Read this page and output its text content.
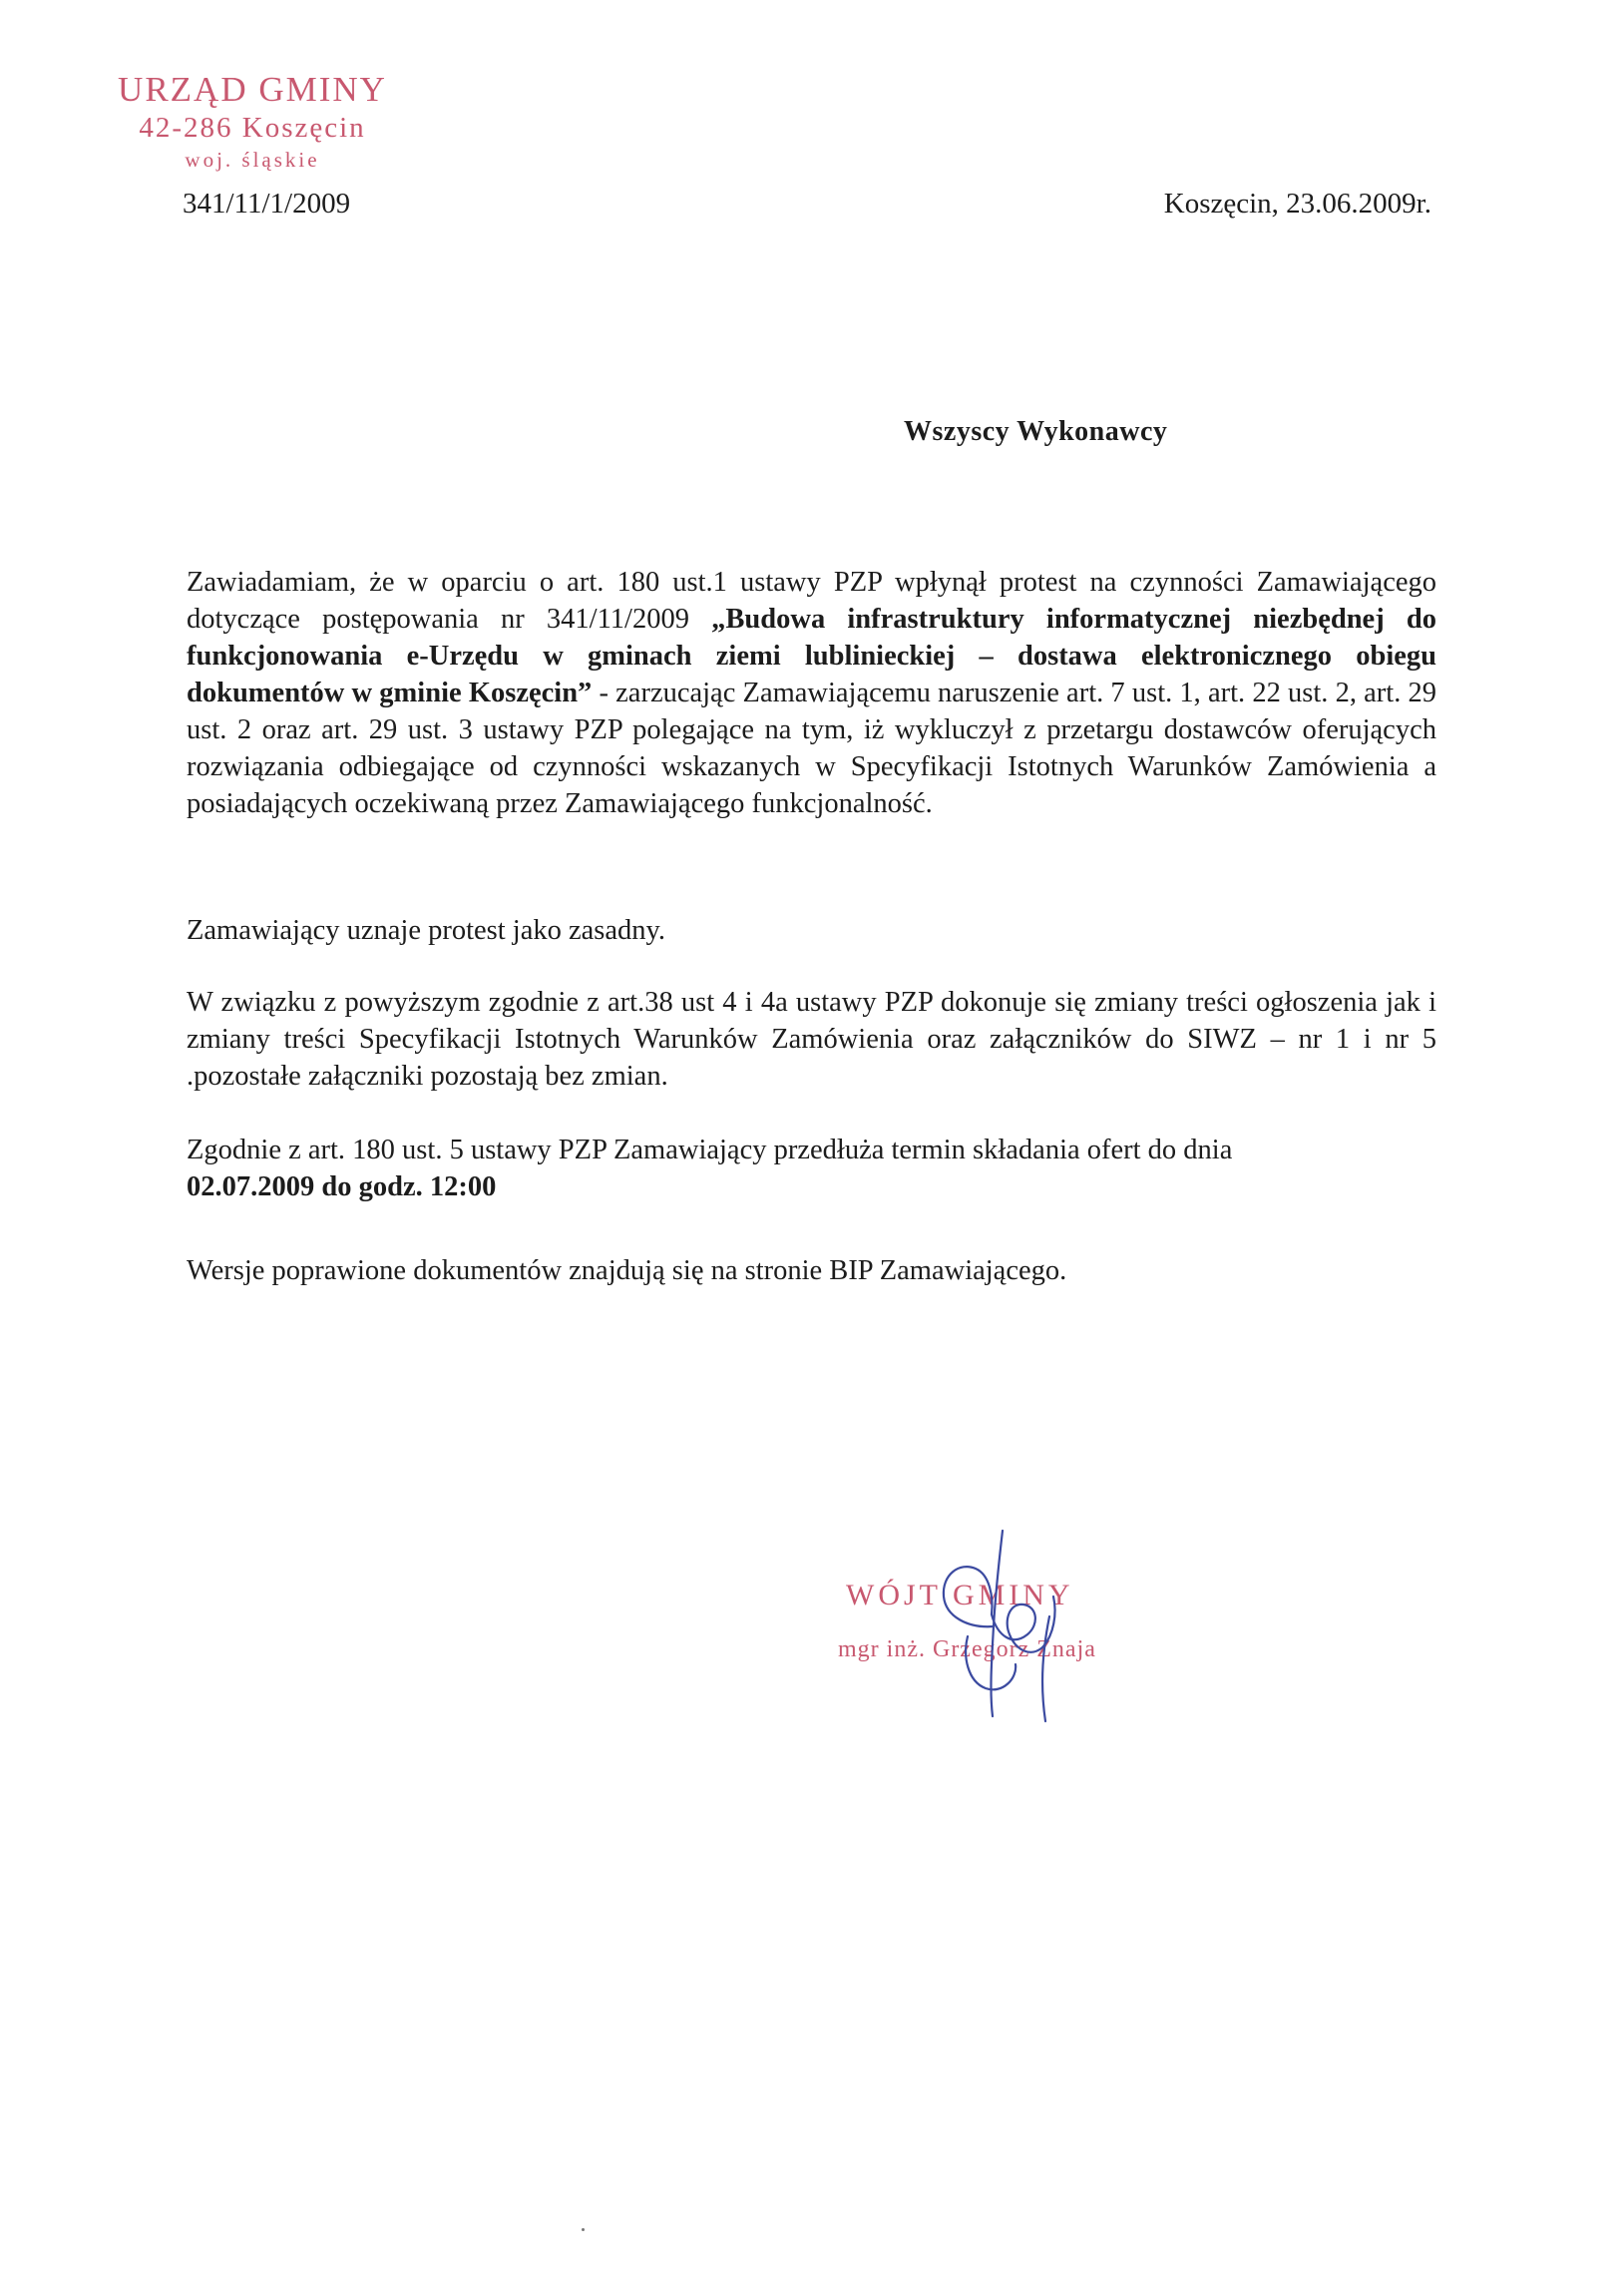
URZĄD GMINY
42-286 Koszęcin
woj. śląskie
341/11/1/2009	Koszęcin, 23.06.2009r.
Wszyscy Wykonawcy
Zawiadamiam, że w oparciu o art. 180 ust.1 ustawy PZP wpłynął protest na czynności Zamawiającego dotyczące postępowania nr 341/11/2009 „Budowa infrastruktury informatycznej niezbędnej do funkcjonowania e-Urzędu w gminach ziemi lublinieckiej – dostawa elektronicznego obiegu dokumentów w gminie Koszęcin” - zarzucając Zamawiającemu naruszenie art. 7 ust. 1, art. 22 ust. 2, art. 29 ust. 2 oraz art. 29 ust. 3 ustawy PZP polegające na tym, iż wykluczył z przetargu dostawców oferujących rozwiązania odbiegające od czynności wskazanych w Specyfikacji Istotnych Warunków Zamówienia a posiadających oczekiwaną przez Zamawiającego funkcjonalność.
Zamawiający uznaje protest jako zasadny.
W związku z powyższym zgodnie z art.38 ust 4 i 4a ustawy PZP dokonuje się zmiany treści ogłoszenia jak i zmiany treści Specyfikacji Istotnych Warunków Zamówienia oraz załączników do SIWZ – nr 1 i nr 5 .pozostałe załączniki pozostają bez zmian.
Zgodnie z art. 180 ust. 5 ustawy PZP Zamawiający przedłuża termin składania ofert do dnia
02.07.2009 do godz. 12:00
Wersje poprawione dokumentów znajdują się na stronie BIP Zamawiającego.
WÓJT GMINY
mgr inż. Grzegorz Znaja
